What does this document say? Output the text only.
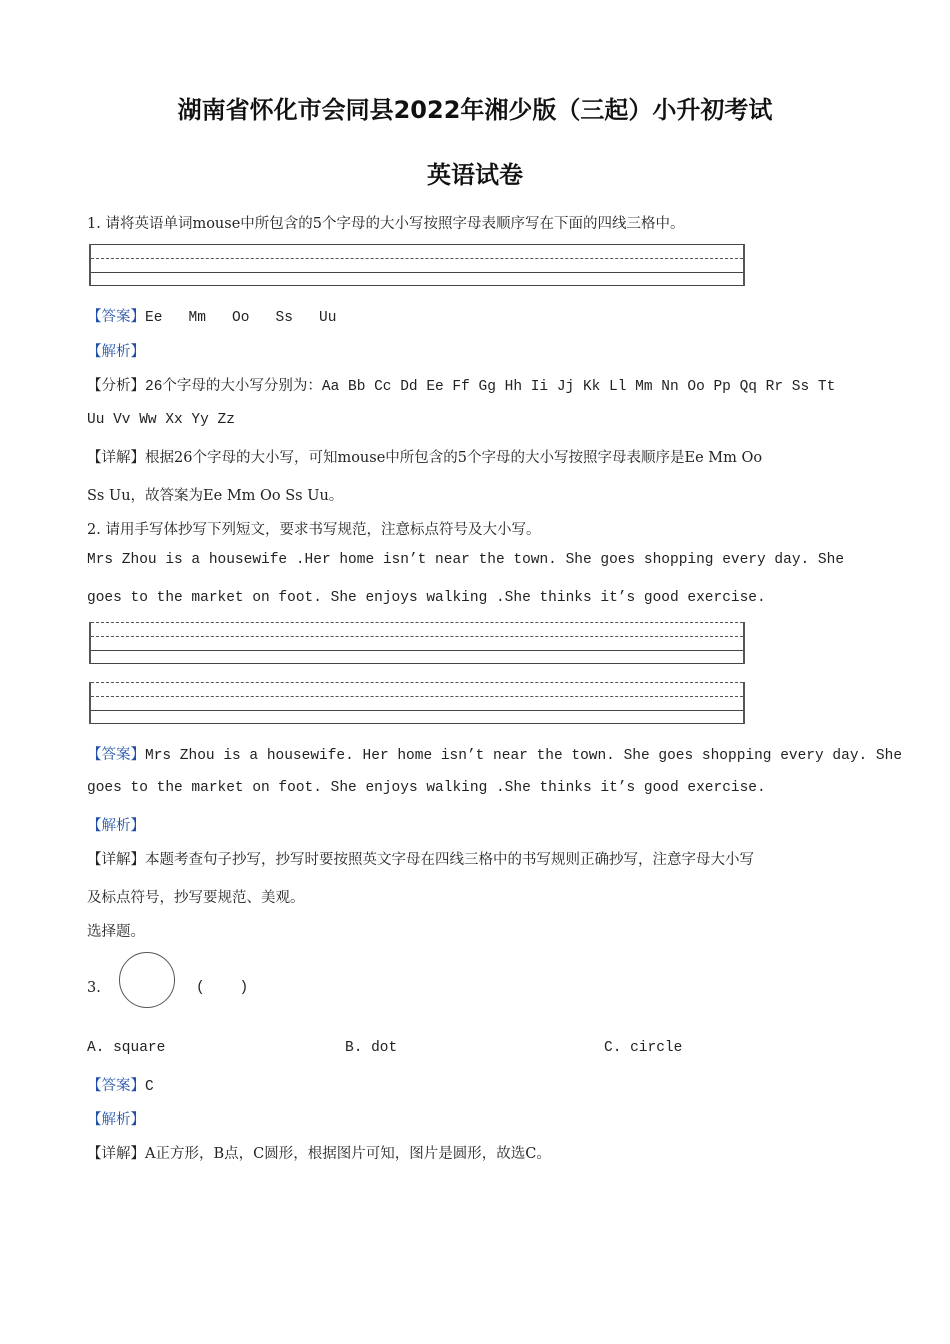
湖南省怀化市会同县2022年湘少版（三起）小升初考试
英语试卷
1. 请将英语单词mouse中所包含的5个字母的大小写按照字母表顺序写在下面的四线三格中。
【答案】Ee   Mm   Oo   Ss   Uu
【解析】
【分析】26个字母的大小写分别为：Aa Bb Cc Dd Ee Ff Gg Hh Ii Jj Kk Ll Mm Nn Oo Pp Qq Rr Ss Tt
Uu Vv Ww Xx Yy Zz
【详解】根据26个字母的大小写，可知mouse中所包含的5个字母的大小写按照字母表顺序是Ee Mm Oo
Ss Uu，故答案为Ee Mm Oo Ss Uu。
2. 请用手写体抄写下列短文，要求书写规范，注意标点符号及大小写。
Mrs Zhou is a housewife .Her home isn’t near the town. She goes shopping every day. She
goes to the market on foot. She enjoys walking .She thinks it’s good exercise.
【答案】Mrs Zhou is a housewife. Her home isn’t near the town. She goes shopping every day. She
goes to the market on foot. She enjoys walking .She thinks it’s good exercise.
【解析】
【详解】本题考查句子抄写，抄写时要按照英文字母在四线三格中的书写规则正确抄写，注意字母大小写
及标点符号，抄写要规范、美观。
选择题。
3.	(    )
A. square	B. dot	C. circle
【答案】C
【解析】
【详解】A正方形，B点，C圆形，根据图片可知，图片是圆形，故选C。
